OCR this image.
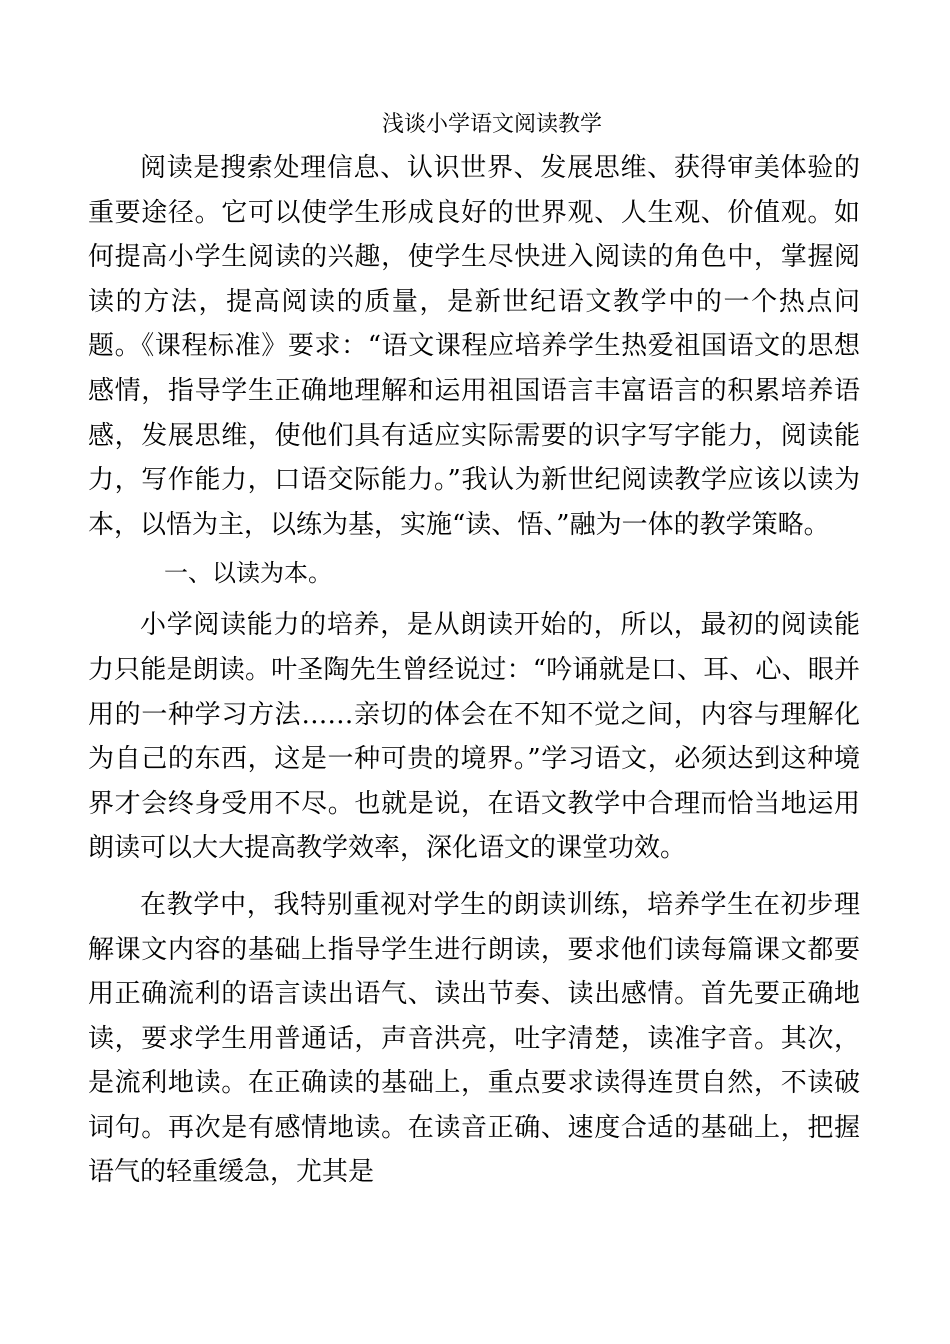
浅谈小学语文阅读教学

阅读是搜索处理信息、认识世界、发展思维、获得审美体验的重要途径。它可以使学生形成良好的世界观、人生观、价值观。如何提高小学生阅读的兴趣，使学生尽快进入阅读的角色中，掌握阅读的方法，提高阅读的质量，是新世纪语文教学中的一个热点问题。《课程标准》要求：“语文课程应培养学生热爱祖国语文的思想感情，指导学生正确地理解和运用祖国语言丰富语言的积累培养语感，发展思维，使他们具有适应实际需要的识字写字能力，阅读能力，写作能力，口语交际能力。”我认为新世纪阅读教学应该以读为本，以悟为主，以练为基，实施“读、悟、”融为一体的教学策略。

一、以读为本。

小学阅读能力的培养，是从朗读开始的，所以，最初的阅读能力只能是朗读。叶圣陶先生曾经说过：“吟诵就是口、耳、心、眼并用的一种学习方法……亲切的体会在不知不觉之间，内容与理解化为自己的东西，这是一种可贵的境界。”学习语文，必须达到这种境界才会终身受用不尽。也就是说，在语文教学中合理而恰当地运用朗读可以大大提高教学效率，深化语文的课堂功效。

在教学中，我特别重视对学生的朗读训练，培养学生在初步理解课文内容的基础上指导学生进行朗读，要求他们读每篇课文都要用正确流利的语言读出语气、读出节奏、读出感情。首先要正确地读，要求学生用普通话，声音洪亮，吐字清楚，读准字音。其次，是流利地读。在正确读的基础上，重点要求读得连贯自然，不读破词句。再次是有感情地读。在读音正确、速度合适的基础上，把握语气的轻重缓急，尤其是
